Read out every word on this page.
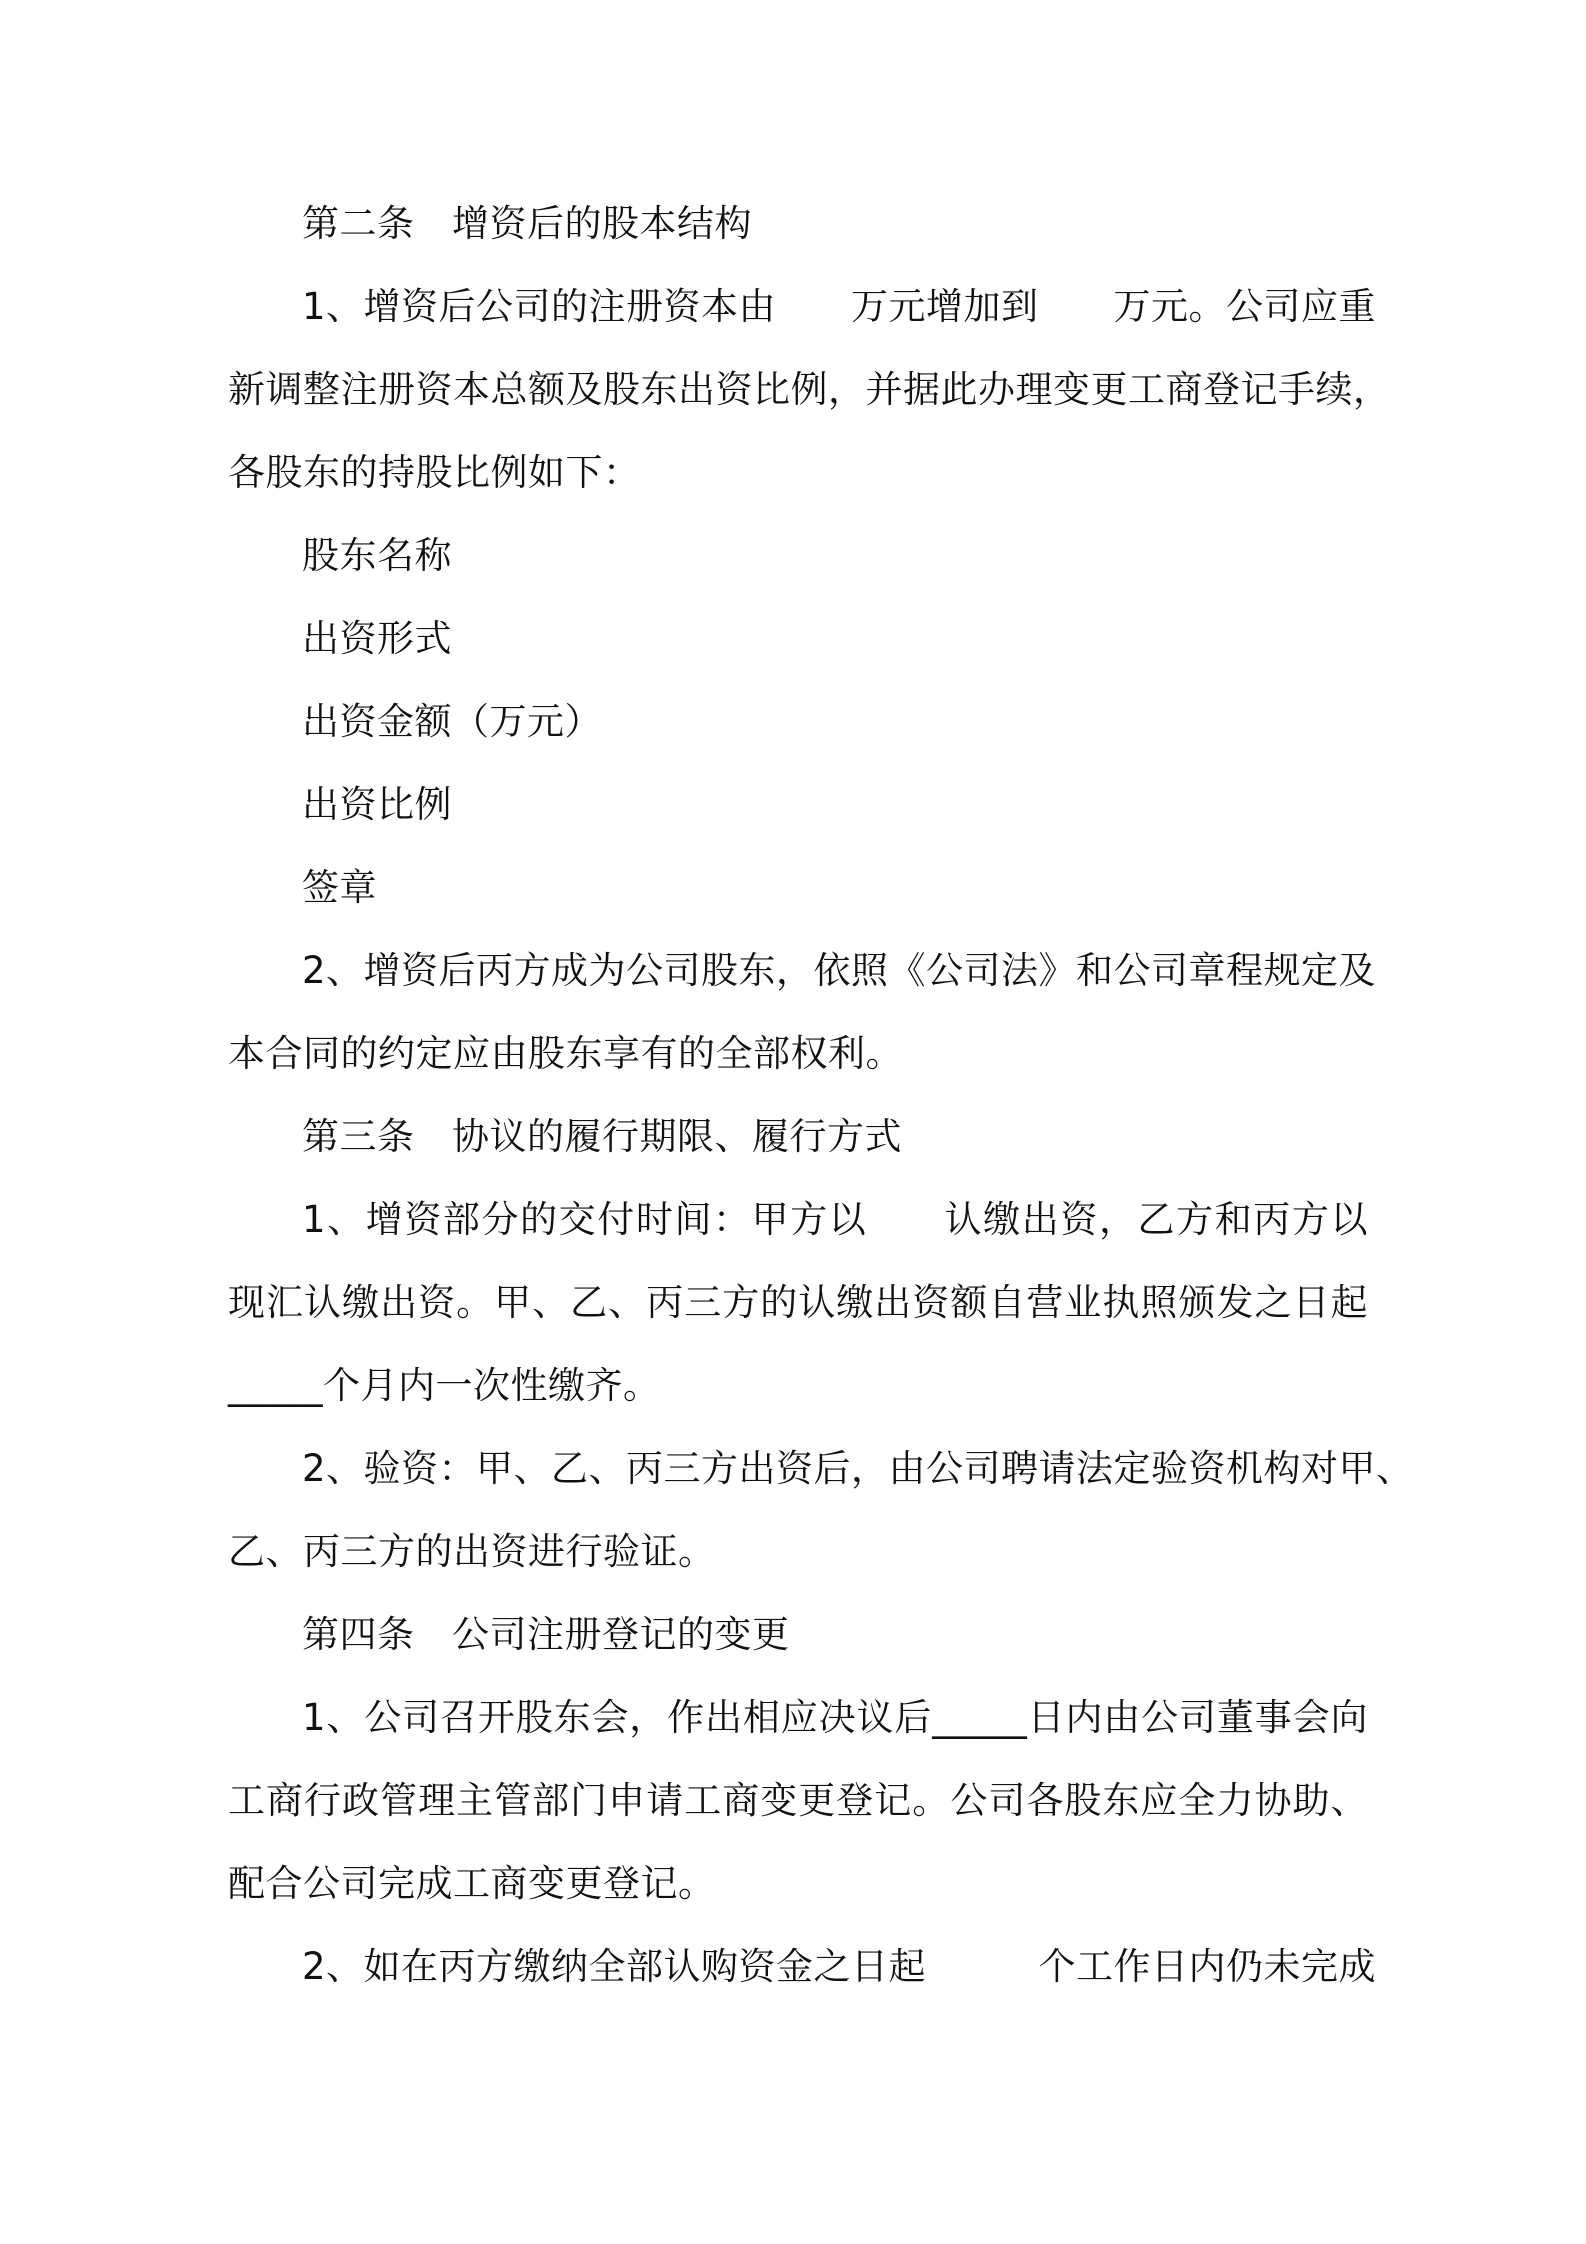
第二条　增资后的股本结构
1、增资后公司的注册资本由　　万元增加到　　万元。公司应重
新调整注册资本总额及股东出资比例，并据此办理变更工商登记手续，
各股东的持股比例如下：
股东名称
出资形式
出资金额（万元）
出资比例
签章
2、增资后丙方成为公司股东，依照《公司法》和公司章程规定及
本合同的约定应由股东享有的全部权利。
第三条　协议的履行期限、履行方式
1、增资部分的交付时间：甲方以　　认缴出资，乙方和丙方以
现汇认缴出资。甲、乙、丙三方的认缴出资额自营业执照颁发之日起
_____个月内一次性缴齐。
2、验资：甲、乙、丙三方出资后，由公司聘请法定验资机构对甲、
乙、丙三方的出资进行验证。
第四条　公司注册登记的变更
1、公司召开股东会，作出相应决议后_____日内由公司董事会向
工商行政管理主管部门申请工商变更登记。公司各股东应全力协助、
配合公司完成工商变更登记。
2、如在丙方缴纳全部认购资金之日起　　　个工作日内仍未完成
